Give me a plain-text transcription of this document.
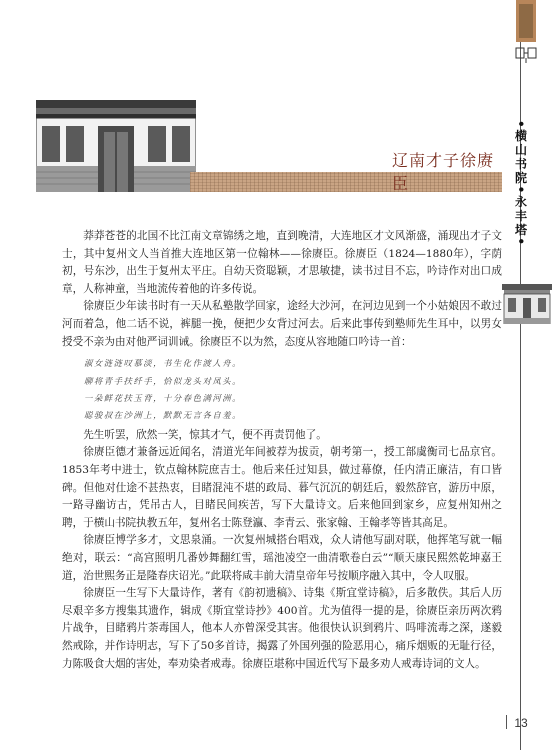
•横山书院•永丰塔•
13
辽南才子徐赓臣

莽莽苍苍的北国不比江南文章锦绣之地，直到晚清，大连地区才文风渐盛，涌现出才子文士，其中复州文人当首推大连地区第一位翰林——徐赓臣。徐赓臣（1824—1880年），字荫初，号东沙，出生于复州太平庄。自幼天资聪颖，才思敏捷，读书过目不忘，吟诗作对出口成章，人称神童，当地流传着他的许多传说。

徐赓臣少年读书时有一天从私塾散学回家，途经大沙河，在河边见到一个小姑娘因不敢过河而着急，他二话不说，裤腿一挽，便把少女背过河去。后来此事传到塾师先生耳中，以男女授受不亲为由对他严词训诫。徐赓臣不以为然，态度从容地随口吟诗一首：

淑女涟涟叹慕淡，书生化作渡人舟。
聊将青手扶纤手，恰似龙头对凤头。
一朵鲜花扶玉背，十分春色满河洲。
聪骏叔在沙洲上，默默无言各自羞。

先生听罢，欣然一笑，惊其才气，便不再责罚他了。

徐赓臣德才兼备远近闻名，清道光年间被荐为拔贡，朝考第一，授工部虞衡司七品京官。1853年考中进士，钦点翰林院庶吉士。他后来任过知县，做过幕僚，任内清正廉洁，有口皆碑。但他对仕途不甚热衷，目睹混沌不堪的政局、暮气沉沉的朝廷后，毅然辞官，游历中原，一路寻幽访古，凭吊古人，目睹民间疾苦，写下大量诗文。后来他回到家乡，应复州知州之聘，于横山书院执教五年，复州名士陈登瀛、李青云、张家翰、王翰孝等皆其高足。

徐赓臣博学多才，文思泉涌。一次复州城搭台唱戏，众人请他写副对联，他挥笔写就一幅绝对，联云：“高宫照明几番妙舞翻红雪，瑶池凌空一曲清歌卷白云”“顺天康民熙然乾坤嘉王道，治世熙务正是隆春庆诏光。”此联将咸丰前大清皇帝年号按顺序融入其中，令人叹服。

徐赓臣一生写下大量诗作，著有《韵初遗稿》、诗集《斯宜堂诗稿》，后多散佚。其后人历尽艰辛多方搜集其遗作，辑成《斯宜堂诗抄》400首。尤为值得一提的是，徐赓臣亲历两次鸦片战争，目睹鸦片荼毒国人，他本人亦曾深受其害。他很快认识到鸦片、吗啡流毒之深，遂毅然戒除，并作诗明志，写下了50多首诗，揭露了外国列强的险恶用心，痛斥烟贩的无耻行径，力陈吸食大烟的害处，奉劝染者戒毒。徐赓臣堪称中国近代写下最多劝人戒毒诗词的文人。
